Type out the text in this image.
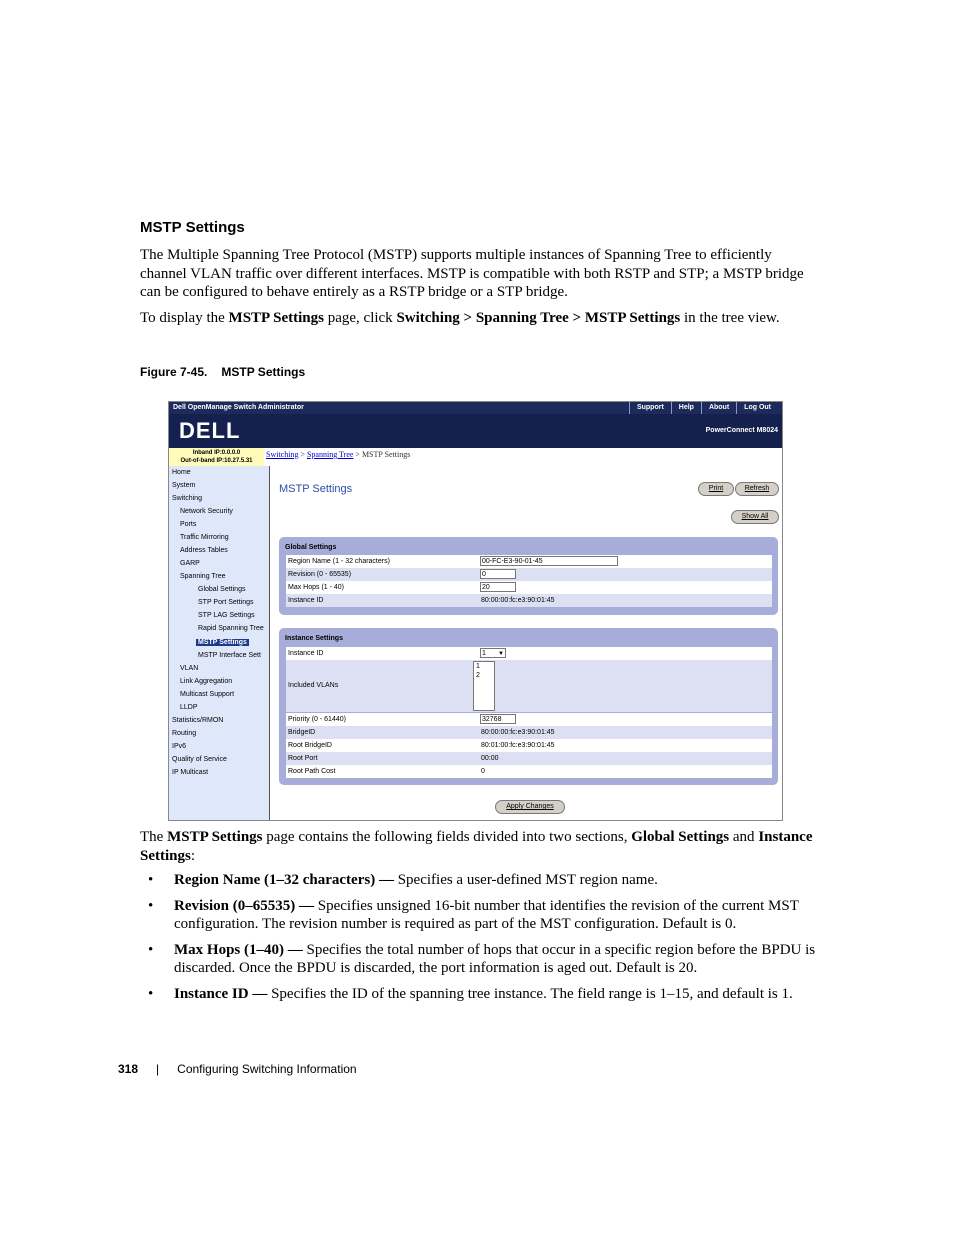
MSTP Settings
The Multiple Spanning Tree Protocol (MSTP) supports multiple instances of Spanning Tree to efficiently channel VLAN traffic over different interfaces. MSTP is compatible with both RSTP and STP; a MSTP bridge can be configured to behave entirely as a RSTP bridge or a STP bridge.
To display the MSTP Settings page, click Switching > Spanning Tree > MSTP Settings in the tree view.
Figure 7-45. MSTP Settings
Dell OpenManage Switch Administrator	Support	Help	About	Log Out
DELL	PowerConnect M8024
Inband IP:0.0.0.0
Out-of-band IP:10.27.5.31
Switching > Spanning Tree > MSTP Settings
Home
System
Switching
Network Security
Ports
Traffic Mirroring
Address Tables
GARP
Spanning Tree
Global Settings
STP Port Settings
STP LAG Settings
Rapid Spanning Tree
MSTP Settings
MSTP Interface Sett
VLAN
Link Aggregation
Multicast Support
LLDP
Statistics/RMON
Routing
IPv6
Quality of Service
IP Multicast
MSTP Settings	Print	Refresh
Show All
Global Settings
Region Name (1 - 32 characters)	00-FC-E3-90-01-45
Revision (0 - 65535)	0
Max Hops (1 - 40)	20
Instance ID	80:00:00:fc:e3:90:01:45
Instance Settings
Instance ID	1 ▼
Included VLANs
1
2
Priority (0 - 61440)	32768
BridgeID	80:00:00:fc:e3:90:01:45
Root BridgeID	80:01:00:fc:e3:90:01:45
Root Port	00:00
Root Path Cost	0
Apply Changes
The MSTP Settings page contains the following fields divided into two sections, Global Settings and Instance Settings:
• Region Name (1–32 characters) — Specifies a user-defined MST region name.
• Revision (0–65535) — Specifies unsigned 16-bit number that identifies the revision of the current MST configuration. The revision number is required as part of the MST configuration. Default is 0.
• Max Hops (1–40) — Specifies the total number of hops that occur in a specific region before the BPDU is discarded. Once the BPDU is discarded, the port information is aged out. Default is 20.
• Instance ID — Specifies the ID of the spanning tree instance. The field range is 1–15, and default is 1.
318 | Configuring Switching Information
